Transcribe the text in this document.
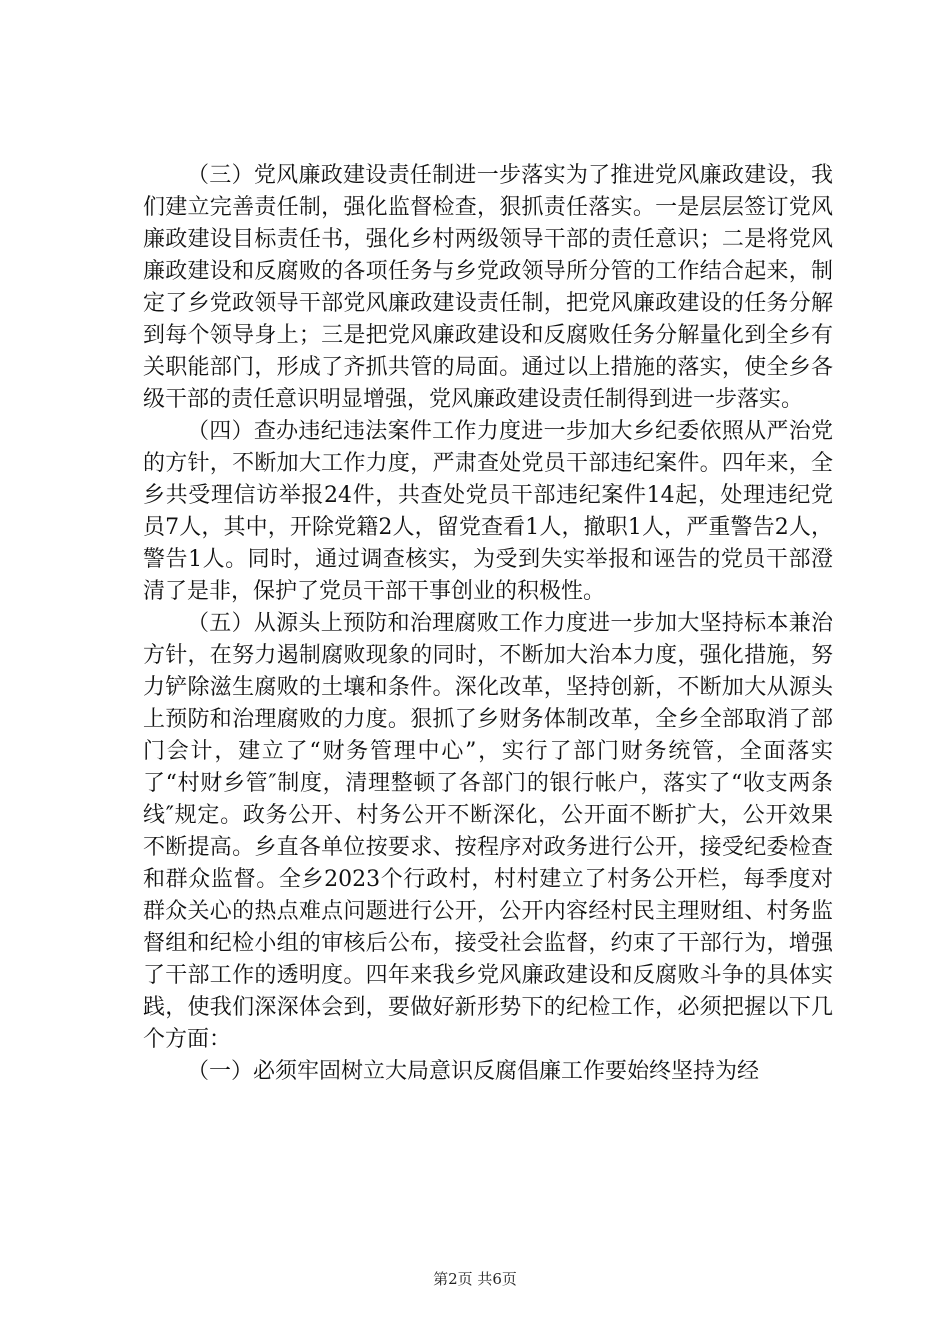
（三）党风廉政建设责任制进一步落实为了推进党风廉政建设，我们建立完善责任制，强化监督检查，狠抓责任落实。一是层层签订党风廉政建设目标责任书，强化乡村两级领导干部的责任意识；二是将党风廉政建设和反腐败的各项任务与乡党政领导所分管的工作结合起来，制定了乡党政领导干部党风廉政建设责任制，把党风廉政建设的任务分解到每个领导身上；三是把党风廉政建设和反腐败任务分解量化到全乡有关职能部门，形成了齐抓共管的局面。通过以上措施的落实，使全乡各级干部的责任意识明显增强，党风廉政建设责任制得到进一步落实。

（四）查办违纪违法案件工作力度进一步加大乡纪委依照从严治党的方针，不断加大工作力度，严肃查处党员干部违纪案件。四年来，全乡共受理信访举报24件，共查处党员干部违纪案件14起，处理违纪党员7人，其中，开除党籍2人，留党查看1人，撤职1人，严重警告2人，警告1人。同时，通过调查核实，为受到失实举报和诬告的党员干部澄清了是非，保护了党员干部干事创业的积极性。

（五）从源头上预防和治理腐败工作力度进一步加大坚持标本兼治方针，在努力遏制腐败现象的同时，不断加大治本力度，强化措施，努力铲除滋生腐败的土壤和条件。深化改革，坚持创新，不断加大从源头上预防和治理腐败的力度。狠抓了乡财务体制改革，全乡全部取消了部门会计，建立了“财务管理中心”，实行了部门财务统管，全面落实了“村财乡管″制度，清理整顿了各部门的银行帐户，落实了“收支两条线″规定。政务公开、村务公开不断深化，公开面不断扩大，公开效果不断提高。乡直各单位按要求、按程序对政务进行公开，接受纪委检查和群众监督。全乡2023个行政村，村村建立了村务公开栏，每季度对群众关心的热点难点问题进行公开，公开内容经村民主理财组、村务监督组和纪检小组的审核后公布，接受社会监督，约束了干部行为，增强了干部工作的透明度。四年来我乡党风廉政建设和反腐败斗争的具体实践，使我们深深体会到，要做好新形势下的纪检工作，必须把握以下几个方面：

（一）必须牢固树立大局意识反腐倡廉工作要始终坚持为经

第2页 共6页
